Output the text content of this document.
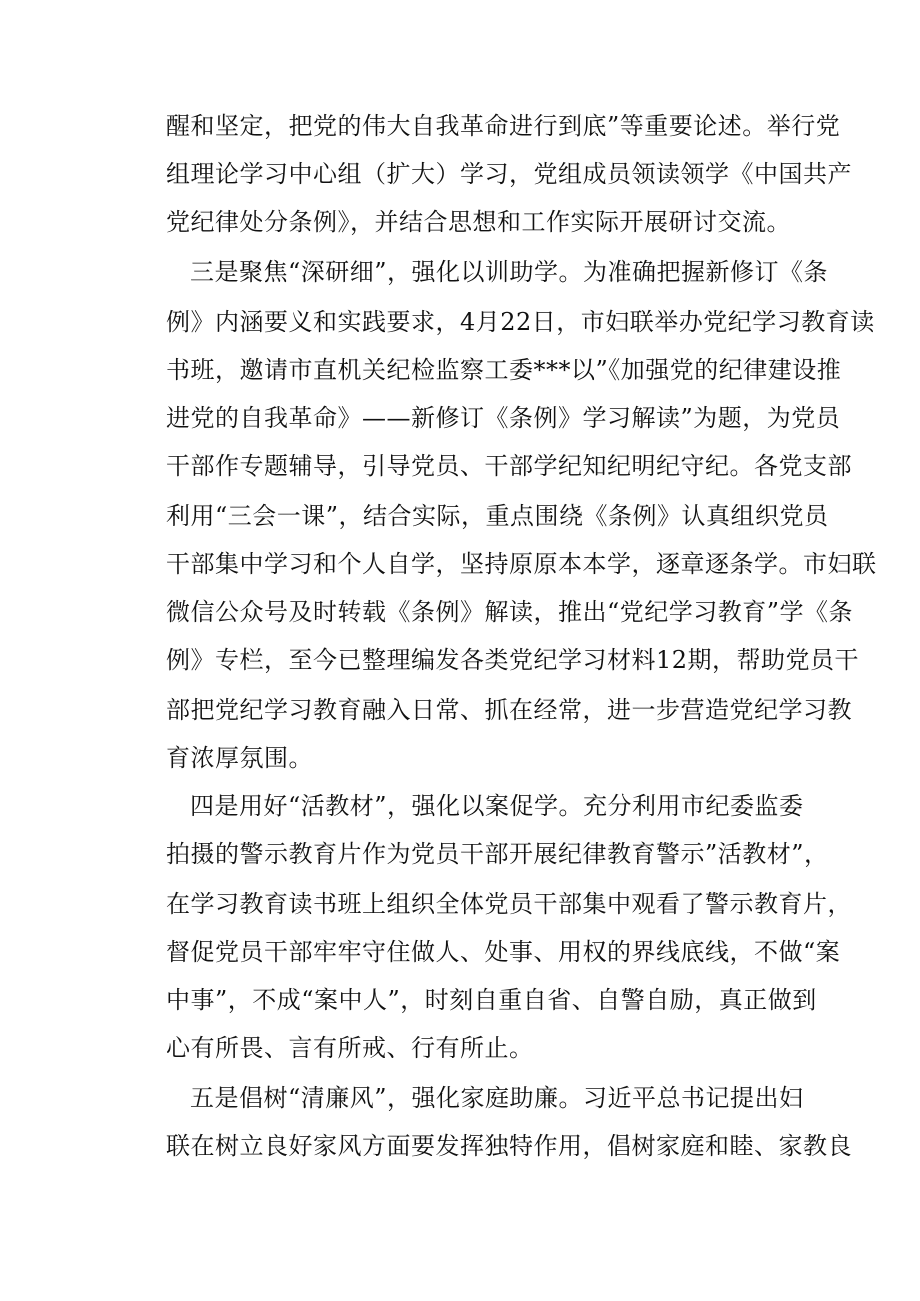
醒和坚定，把党的伟大自我革命进行到底”等重要论述。举行党
组理论学习中心组（扩大）学习，党组成员领读领学《中国共产
党纪律处分条例》，并结合思想和工作实际开展研讨交流。
三是聚焦“深研细”，强化以训助学。为准确把握新修订《条
例》内涵要义和实践要求，4月22日，市妇联举办党纪学习教育读
书班，邀请市直机关纪检监察工委***以”《加强党的纪律建设推
进党的自我革命》——新修订《条例》学习解读”为题，为党员
干部作专题辅导，引导党员、干部学纪知纪明纪守纪。各党支部
利用“三会一课”，结合实际，重点围绕《条例》认真组织党员
干部集中学习和个人自学，坚持原原本本学，逐章逐条学。市妇联
微信公众号及时转载《条例》解读，推出“党纪学习教育”学《条
例》专栏，至今已整理编发各类党纪学习材料12期，帮助党员干
部把党纪学习教育融入日常、抓在经常，进一步营造党纪学习教
育浓厚氛围。
四是用好“活教材”，强化以案促学。充分利用市纪委监委
拍摄的警示教育片作为党员干部开展纪律教育警示”活教材”，
在学习教育读书班上组织全体党员干部集中观看了警示教育片，
督促党员干部牢牢守住做人、处事、用权的界线底线，不做“案
中事”，不成“案中人”，时刻自重自省、自警自励，真正做到
心有所畏、言有所戒、行有所止。
五是倡树“清廉风”，强化家庭助廉。习近平总书记提出妇
联在树立良好家风方面要发挥独特作用，倡树家庭和睦、家教良
